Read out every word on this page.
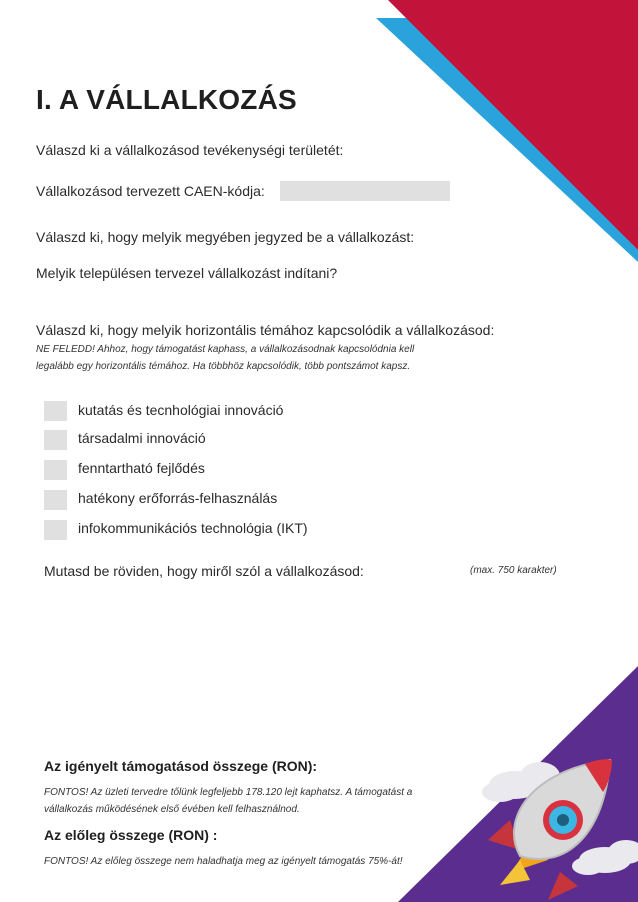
I. A VÁLLALKOZÁS
Válaszd ki a vállalkozásod tevékenységi területét:
Vállalkozásod tervezett CAEN-kódja:
Válaszd ki, hogy melyik megyében jegyzed be a vállalkozást:
Melyik településen tervezel vállalkozást indítani?
Válaszd ki, hogy melyik horizontális témához kapcsolódik a vállalkozásod:
NE FELEDD! Ahhoz, hogy támogatást kaphass, a vállalkozásodnak kapcsolódnia kell
legalább egy horizontális témához. Ha többhöz kapcsolódik, több pontszámot kapsz.
kutatás és tecnhológiai innováció
társadalmi innováció
fenntartható fejlődés
hatékony erőforrás-felhasználás
infokommunikációs technológia (IKT)
Mutasd be röviden, hogy miről szól a vállalkozásod:	(max. 750 karakter)
Az igényelt támogatásod összege (RON):
FONTOS! Az üzleti tervedre tőlünk legfeljebb 178.120 lejt kaphatsz. A támogatást a
vállalkozás működésének első évében kell felhasználnod.
Az előleg összege (RON) :
FONTOS! Az előleg összege nem haladhatja meg az igényelt támogatás 75%-át!
